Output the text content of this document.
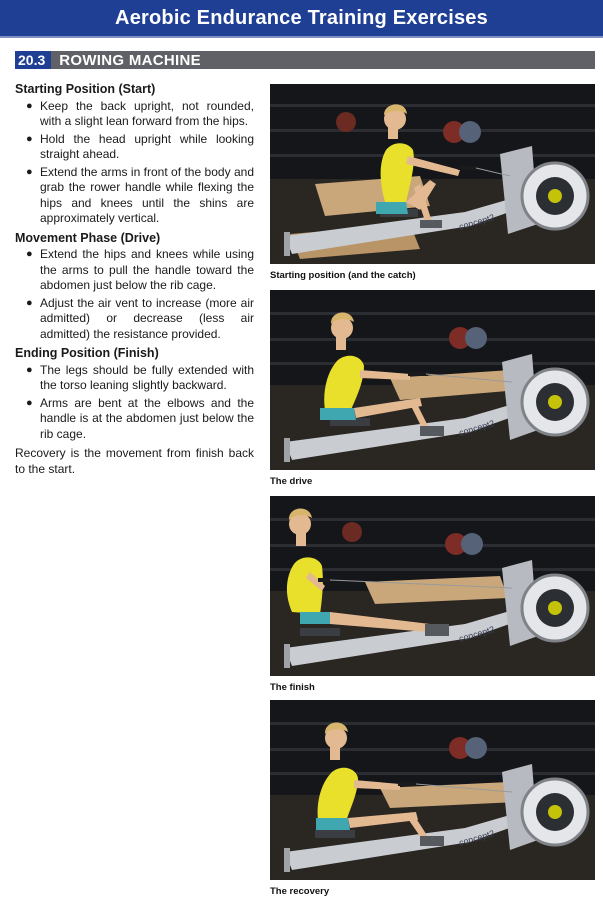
Aerobic Endurance Training Exercises
20.3 ROWING MACHINE
Starting Position (Start)
● Keep the back upright, not rounded, with a slight lean forward from the hips.
● Hold the head upright while looking straight ahead.
● Extend the arms in front of the body and grab the rower handle while flexing the hips and knees until the shins are approximately vertical.
Movement Phase (Drive)
● Extend the hips and knees while using the arms to pull the handle toward the abdomen just below the rib cage.
● Adjust the air vent to increase (more air admitted) or decrease (less air admitted) the resistance provided.
Ending Position (Finish)
● The legs should be fully extended with the torso leaning slightly backward.
● Arms are bent at the elbows and the handle is at the abdomen just below the rib cage.

Recovery is the movement from finish back to the start.

concept2
Starting position (and the catch)
concept2
The drive
concept2
The finish
concept2
The recovery
